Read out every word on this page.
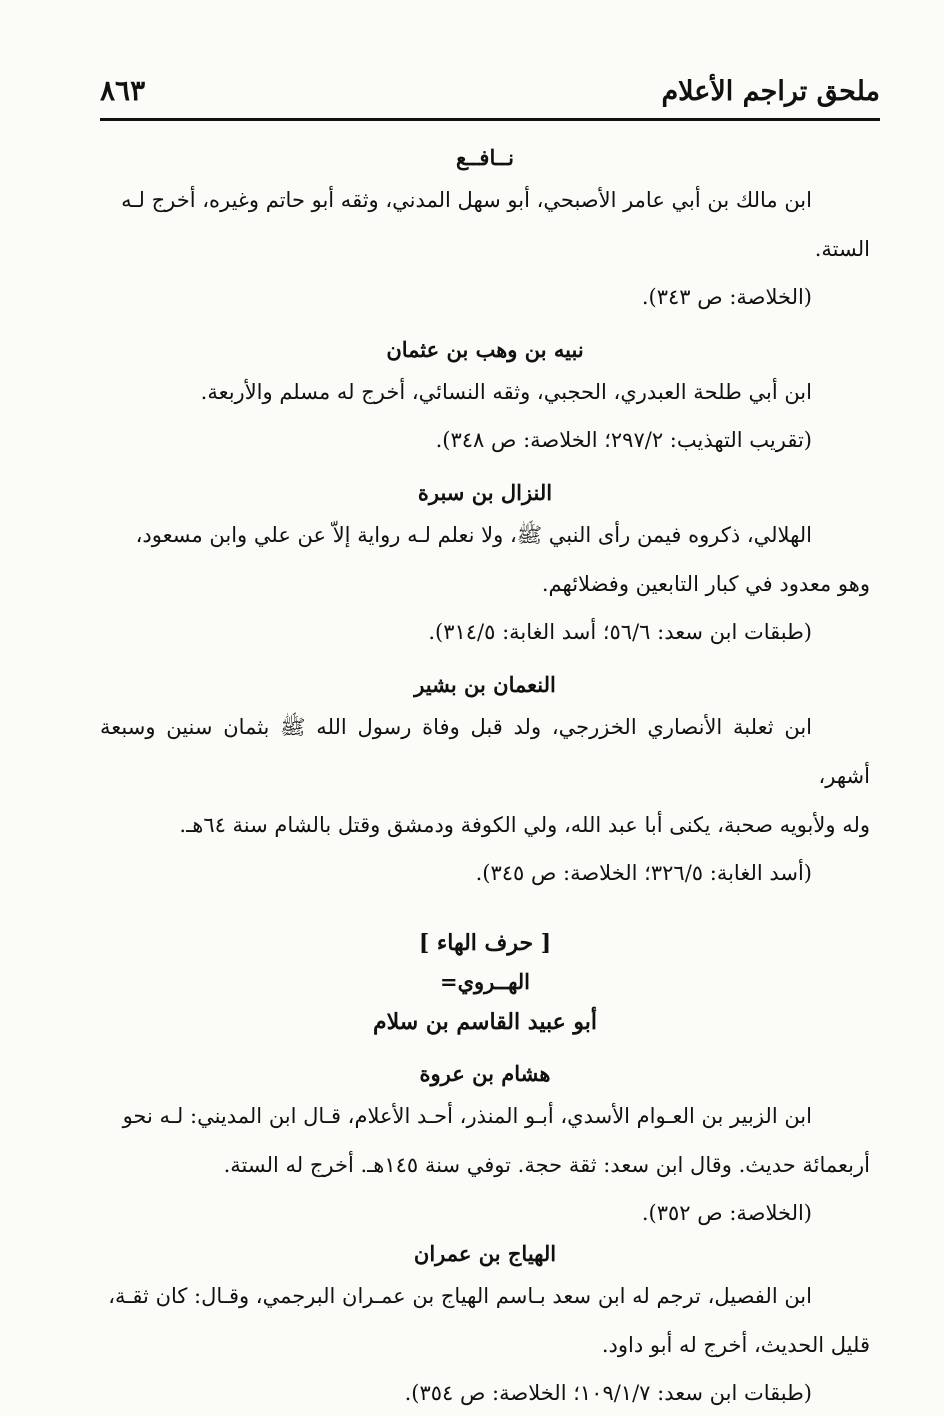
ملحق تراجم الأعلام
٨٦٣
نــافــع

ابن مالك بن أبي عامر الأصبحي، أبو سهل المدني، وثقه أبو حاتم وغيره، أخرج لـه

الستة.

(الخلاصة: ص ٣٤٣).
نبيه بن وهب بن عثمان

ابن أبي طلحة العبدري، الحجبي، وثقه النسائي، أخرج له مسلم والأربعة.

(تقريب التهذيب: ٢٩٧/٢؛ الخلاصة: ص ٣٤٨).
النزال بن سبرة

الهلالي، ذكروه فيمن رأى النبي ﷺ، ولا نعلم لـه رواية إلاّ عن علي وابن مسعود،

وهو معدود في كبار التابعين وفضلائهم.

(طبقات ابن سعد: ٥٦/٦؛ أسد الغابة: ٣١٤/٥).
النعمان بن بشير

ابن ثعلبة الأنصاري الخزرجي، ولد قبل وفاة رسول الله ﷺ بثمان سنين وسبعة أشهر،

وله ولأبويه صحبة، يكنى أبا عبد الله، ولي الكوفة ودمشق وقتل بالشام سنة ٦٤هـ.

(أسد الغابة: ٣٢٦/٥؛ الخلاصة: ص ٣٤٥).
[ حرف الهاء ]
الهــروي=
أبو عبيد القاسم بن سلام
هشام بن عروة

ابن الزبير بن العـوام الأسدي، أبـو المنذر، أحـد الأعلام، قـال ابن المديني: لـه نحو

أربعمائة حديث. وقال ابن سعد: ثقة حجة. توفي سنة ١٤٥هـ. أخرج له الستة.

(الخلاصة: ص ٣٥٢).
الهياج بن عمران

ابن الفصيل، ترجم له ابن سعد بـاسم الهياج بن عمـران البرجمي، وقـال: كان ثقـة،

قليل الحديث، أخرج له أبو داود.

(طبقات ابن سعد: ١٠٩/١/٧؛ الخلاصة: ص ٣٥٤).
